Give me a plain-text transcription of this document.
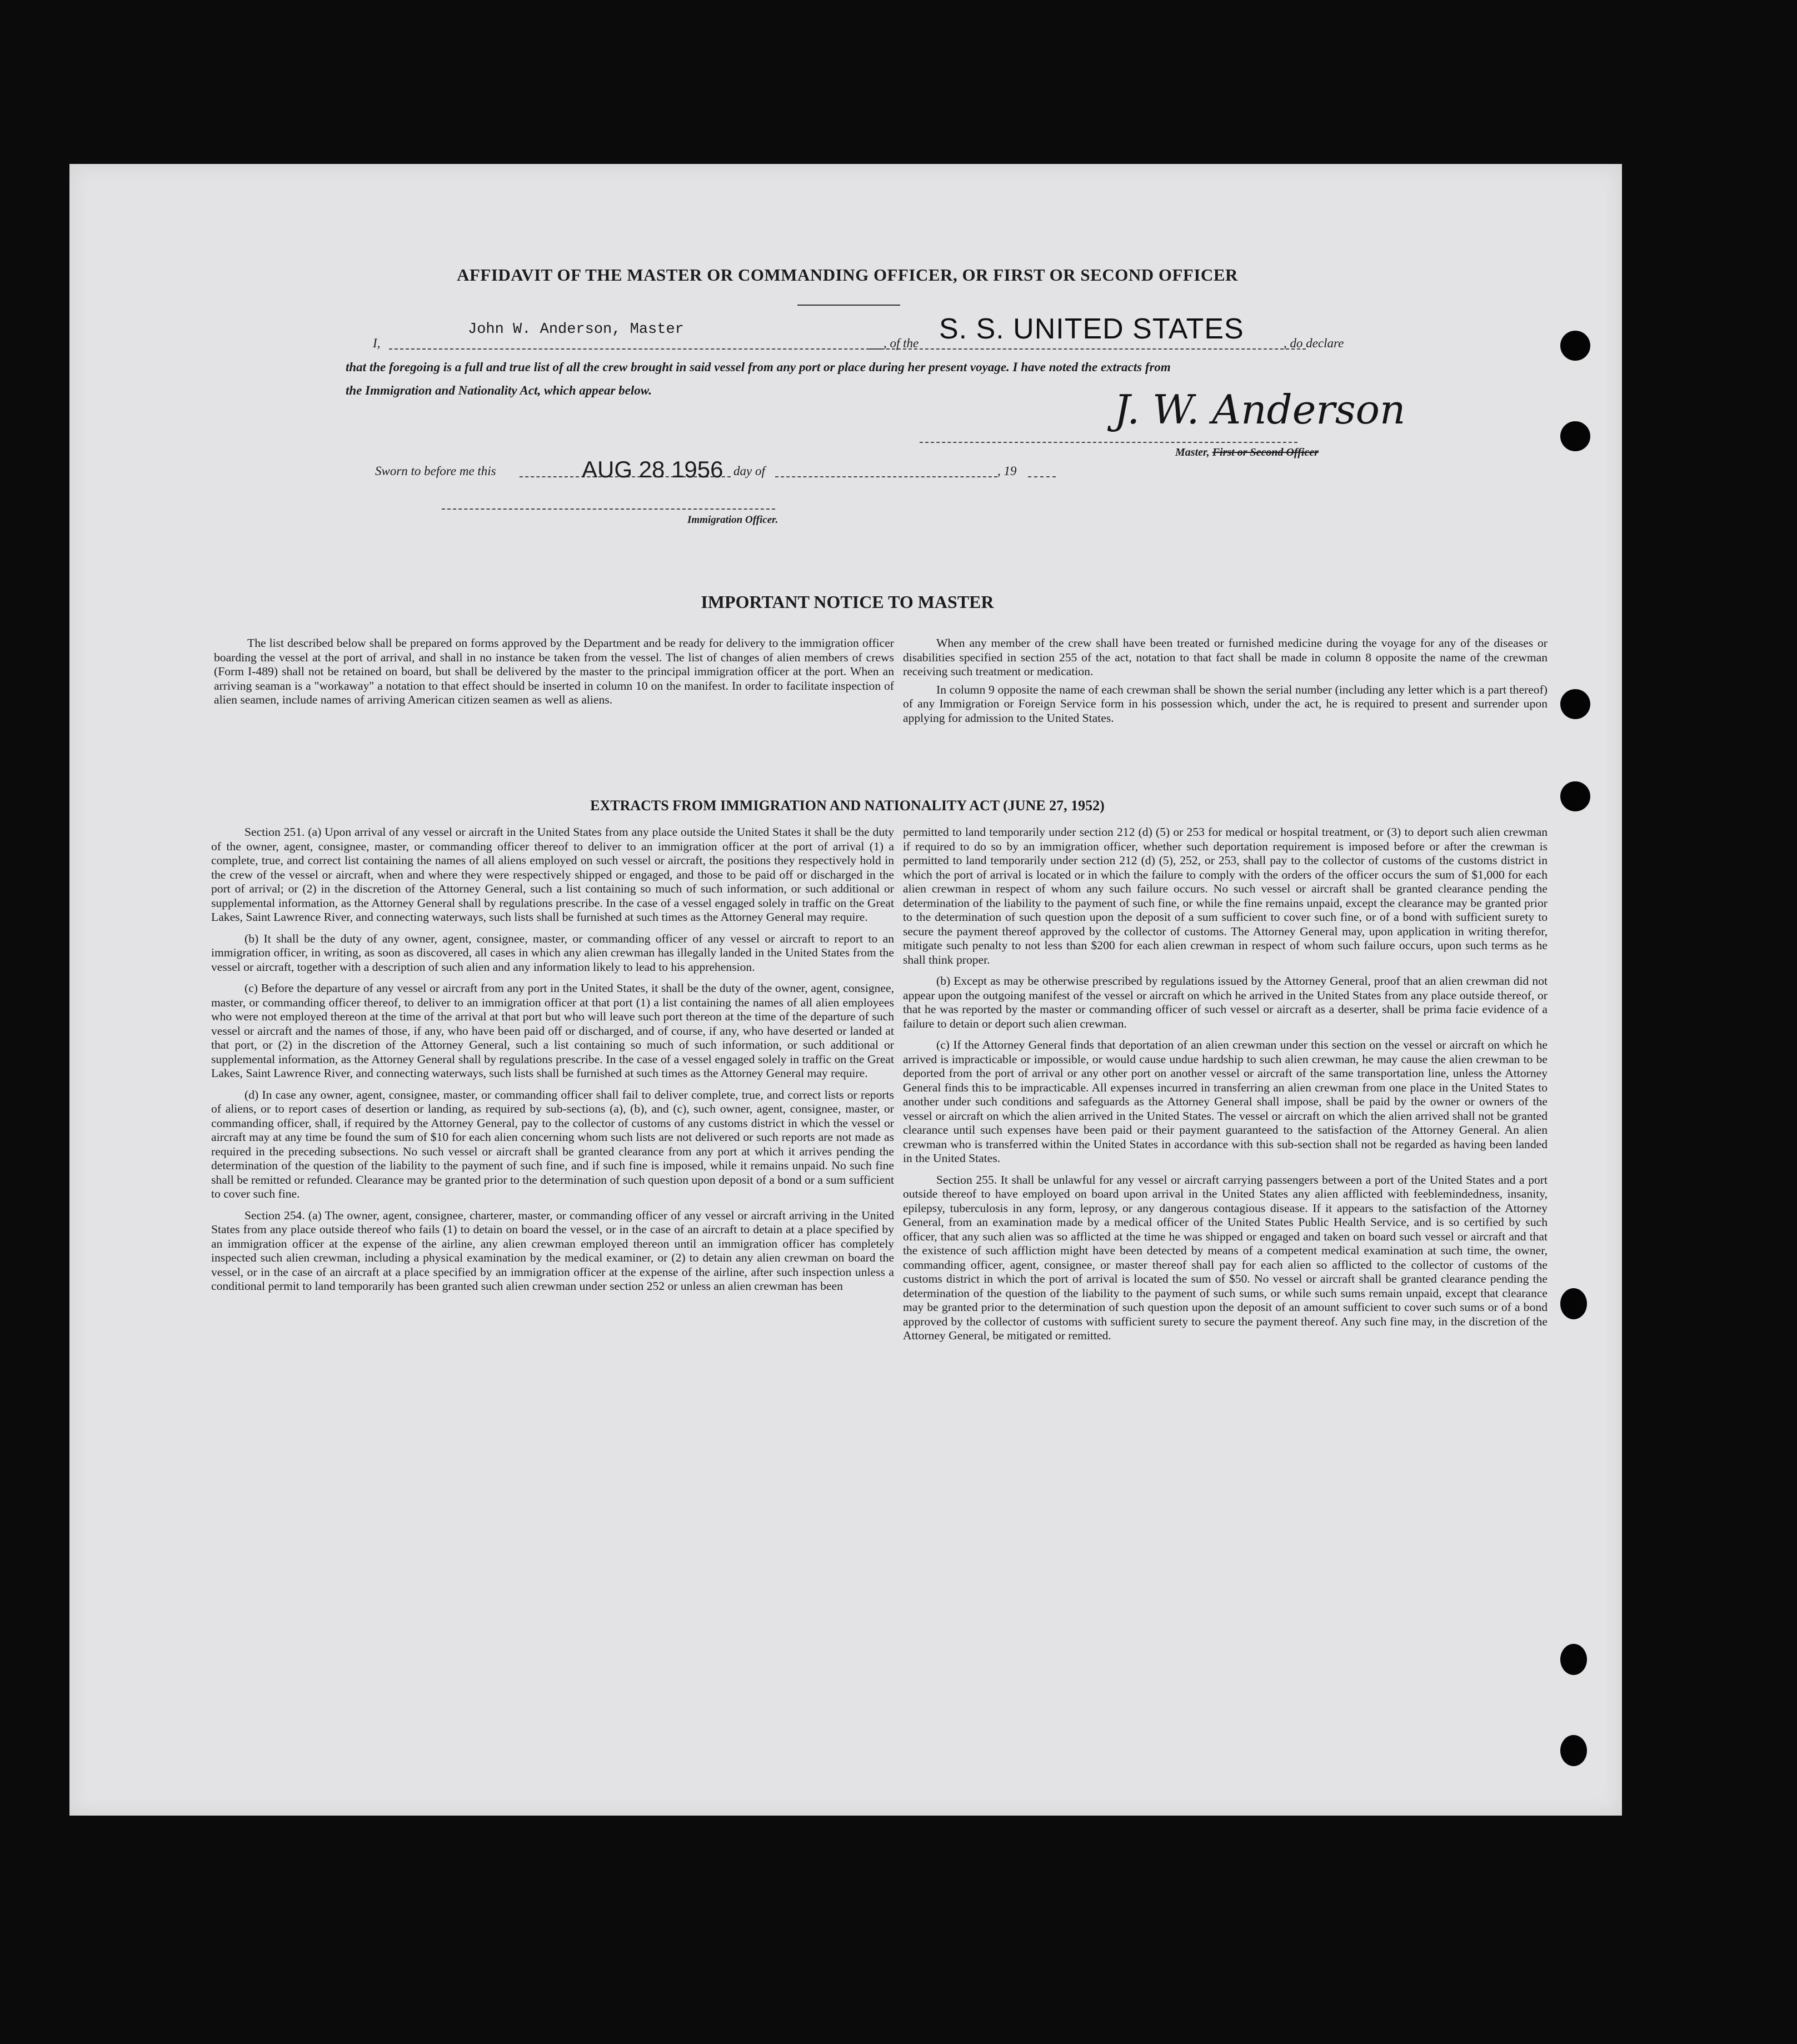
AFFIDAVIT OF THE MASTER OR COMMANDING OFFICER, OR FIRST OR SECOND OFFICER
I,
John W. Anderson, Master
, of the S. S. UNITED STATES	, do declare
that the foregoing is a full and true list of all the crew brought in said vessel from any port or place during her present voyage. I have noted the extracts from
the Immigration and Nationality Act, which appear below.	J. W. Anderson
Master, First or Second Officer
Sworn to before me this	AUG 28 1956 day of	, 19
Immigration Officer.
IMPORTANT NOTICE TO MASTER

The list described below shall be prepared on forms approved by the Department and be ready for delivery to the immigration officer boarding the vessel at the port of arrival, and shall in no instance be taken from the vessel. The list of changes of alien members of crews (Form I-489) shall not be retained on board, but shall be delivered by the master to the principal immigration officer at the port. When an arriving seaman is a "workaway" a notation to that effect should be inserted in column 10 on the manifest. In order to facilitate inspection of alien seamen, include names of arriving American citizen seamen as well as aliens.

When any member of the crew shall have been treated or furnished medicine during the voyage for any of the diseases or disabilities specified in section 255 of the act, notation to that fact shall be made in column 8 opposite the name of the crewman receiving such treatment or medication.

In column 9 opposite the name of each crewman shall be shown the serial number (including any letter which is a part thereof) of any Immigration or Foreign Service form in his possession which, under the act, he is required to present and surrender upon applying for admission to the United States.

EXTRACTS FROM IMMIGRATION AND NATIONALITY ACT (JUNE 27, 1952)

Section 251. (a) Upon arrival of any vessel or aircraft in the United States from any place outside the United States it shall be the duty of the owner, agent, consignee, master, or commanding officer thereof to deliver to an immigration officer at the port of arrival (1) a complete, true, and correct list containing the names of all aliens employed on such vessel or aircraft, the positions they respectively hold in the crew of the vessel or aircraft, when and where they were respectively shipped or engaged, and those to be paid off or discharged in the port of arrival; or (2) in the discretion of the Attorney General, such a list containing so much of such information, or such additional or supplemental information, as the Attorney General shall by regulations prescribe. In the case of a vessel engaged solely in traffic on the Great Lakes, Saint Lawrence River, and connecting waterways, such lists shall be furnished at such times as the Attorney General may require.

(b) It shall be the duty of any owner, agent, consignee, master, or commanding officer of any vessel or aircraft to report to an immigration officer, in writing, as soon as discovered, all cases in which any alien crewman has illegally landed in the United States from the vessel or aircraft, together with a description of such alien and any information likely to lead to his apprehension.

(c) Before the departure of any vessel or aircraft from any port in the United States, it shall be the duty of the owner, agent, consignee, master, or commanding officer thereof, to deliver to an immigration officer at that port (1) a list containing the names of all alien employees who were not employed thereon at the time of the arrival at that port but who will leave such port thereon at the time of the departure of such vessel or aircraft and the names of those, if any, who have been paid off or discharged, and of course, if any, who have deserted or landed at that port, or (2) in the discretion of the Attorney General, such a list containing so much of such information, or such additional or supplemental information, as the Attorney General shall by regulations prescribe. In the case of a vessel engaged solely in traffic on the Great Lakes, Saint Lawrence River, and connecting waterways, such lists shall be furnished at such times as the Attorney General may require.

(d) In case any owner, agent, consignee, master, or commanding officer shall fail to deliver complete, true, and correct lists or reports of aliens, or to report cases of desertion or landing, as required by sub-sections (a), (b), and (c), such owner, agent, consignee, master, or commanding officer, shall, if required by the Attorney General, pay to the collector of customs of any customs district in which the vessel or aircraft may at any time be found the sum of $10 for each alien concerning whom such lists are not delivered or such reports are not made as required in the preceding subsections. No such vessel or aircraft shall be granted clearance from any port at which it arrives pending the determination of the question of the liability to the payment of such fine, and if such fine is imposed, while it remains unpaid. No such fine shall be remitted or refunded. Clearance may be granted prior to the determination of such question upon deposit of a bond or a sum sufficient to cover such fine.

Section 254. (a) The owner, agent, consignee, charterer, master, or commanding officer of any vessel or aircraft arriving in the United States from any place outside thereof who fails (1) to detain on board the vessel, or in the case of an aircraft to detain at a place specified by an immigration officer at the expense of the airline, any alien crewman employed thereon until an immigration officer has completely inspected such alien crewman, including a physical examination by the medical examiner, or (2) to detain any alien crewman on board the vessel, or in the case of an aircraft at a place specified by an immigration officer at the expense of the airline, after such inspection unless a conditional permit to land temporarily has been granted such alien crewman under section 252 or unless an alien crewman has been

permitted to land temporarily under section 212 (d) (5) or 253 for medical or hospital treatment, or (3) to deport such alien crewman if required to do so by an immigration officer, whether such deportation requirement is imposed before or after the crewman is permitted to land temporarily under section 212 (d) (5), 252, or 253, shall pay to the collector of customs of the customs district in which the port of arrival is located or in which the failure to comply with the orders of the officer occurs the sum of $1,000 for each alien crewman in respect of whom any such failure occurs. No such vessel or aircraft shall be granted clearance pending the determination of the liability to the payment of such fine, or while the fine remains unpaid, except the clearance may be granted prior to the determination of such question upon the deposit of a sum sufficient to cover such fine, or of a bond with sufficient surety to secure the payment thereof approved by the collector of customs. The Attorney General may, upon application in writing therefor, mitigate such penalty to not less than $200 for each alien crewman in respect of whom such failure occurs, upon such terms as he shall think proper.

(b) Except as may be otherwise prescribed by regulations issued by the Attorney General, proof that an alien crewman did not appear upon the outgoing manifest of the vessel or aircraft on which he arrived in the United States from any place outside thereof, or that he was reported by the master or commanding officer of such vessel or aircraft as a deserter, shall be prima facie evidence of a failure to detain or deport such alien crewman.

(c) If the Attorney General finds that deportation of an alien crewman under this section on the vessel or aircraft on which he arrived is impracticable or impossible, or would cause undue hardship to such alien crewman, he may cause the alien crewman to be deported from the port of arrival or any other port on another vessel or aircraft of the same transportation line, unless the Attorney General finds this to be impracticable. All expenses incurred in transferring an alien crewman from one place in the United States to another under such conditions and safeguards as the Attorney General shall impose, shall be paid by the owner or owners of the vessel or aircraft on which the alien arrived in the United States. The vessel or aircraft on which the alien arrived shall not be granted clearance until such expenses have been paid or their payment guaranteed to the satisfaction of the Attorney General. An alien crewman who is transferred within the United States in accordance with this sub-section shall not be regarded as having been landed in the United States.

Section 255. It shall be unlawful for any vessel or aircraft carrying passengers between a port of the United States and a port outside thereof to have employed on board upon arrival in the United States any alien afflicted with feeblemindedness, insanity, epilepsy, tuberculosis in any form, leprosy, or any dangerous contagious disease. If it appears to the satisfaction of the Attorney General, from an examination made by a medical officer of the United States Public Health Service, and is so certified by such officer, that any such alien was so afflicted at the time he was shipped or engaged and taken on board such vessel or aircraft and that the existence of such affliction might have been detected by means of a competent medical examination at such time, the owner, commanding officer, agent, consignee, or master thereof shall pay for each alien so afflicted to the collector of customs of the customs district in which the port of arrival is located the sum of $50. No vessel or aircraft shall be granted clearance pending the determination of the question of the liability to the payment of such sums, or while such sums remain unpaid, except that clearance may be granted prior to the determination of such question upon the deposit of an amount sufficient to cover such sums or of a bond approved by the collector of customs with sufficient surety to secure the payment thereof. Any such fine may, in the discretion of the Attorney General, be mitigated or remitted.
